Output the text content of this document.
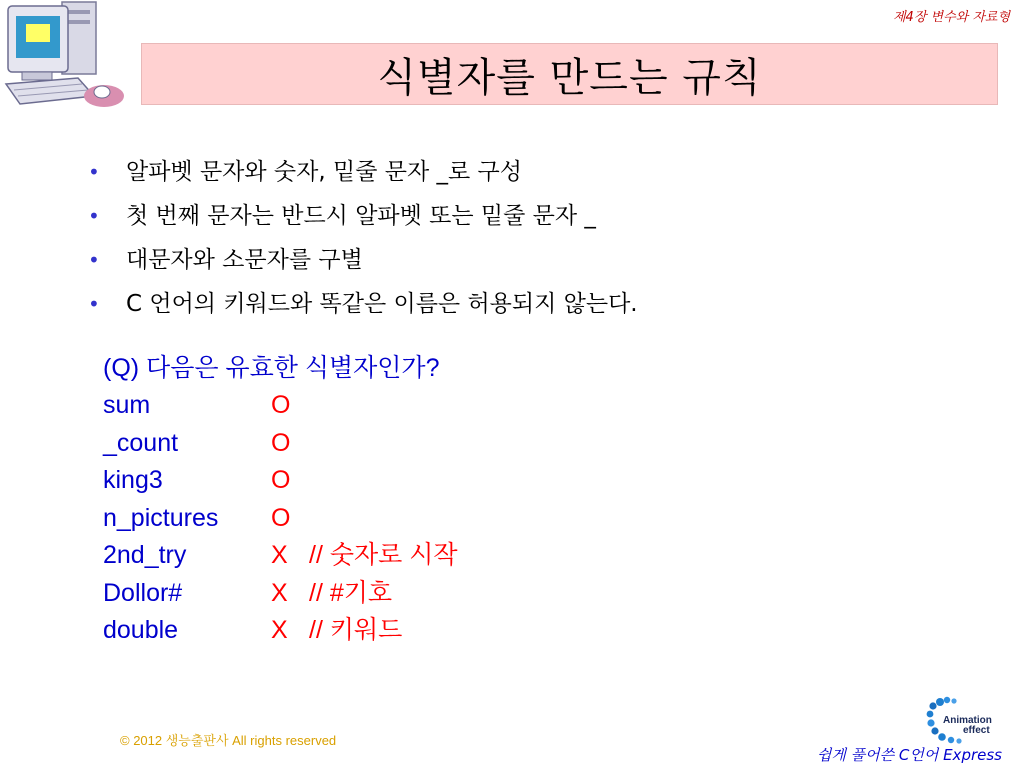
제4장 변수와 자료형
식별자를 만드는 규칙
• 알파벳 문자와 숫자, 밑줄 문자 _로 구성
• 첫 번째 문자는 반드시 알파벳 또는 밑줄 문자 _
• 대문자와 소문자를 구별
• C 언어의 키워드와 똑같은 이름은 허용되지 않는다.
(Q) 다음은 유효한 식별자인가?
sum	O
_count	O
king3	O
n_pictures	O
2nd_try	X // 숫자로 시작
Dollor#	X // #기호
double	X // 키워드
© 2012 생능출판사 All rights reserved
Animation
effect
쉽게 풀어쓴 C언어 Express
